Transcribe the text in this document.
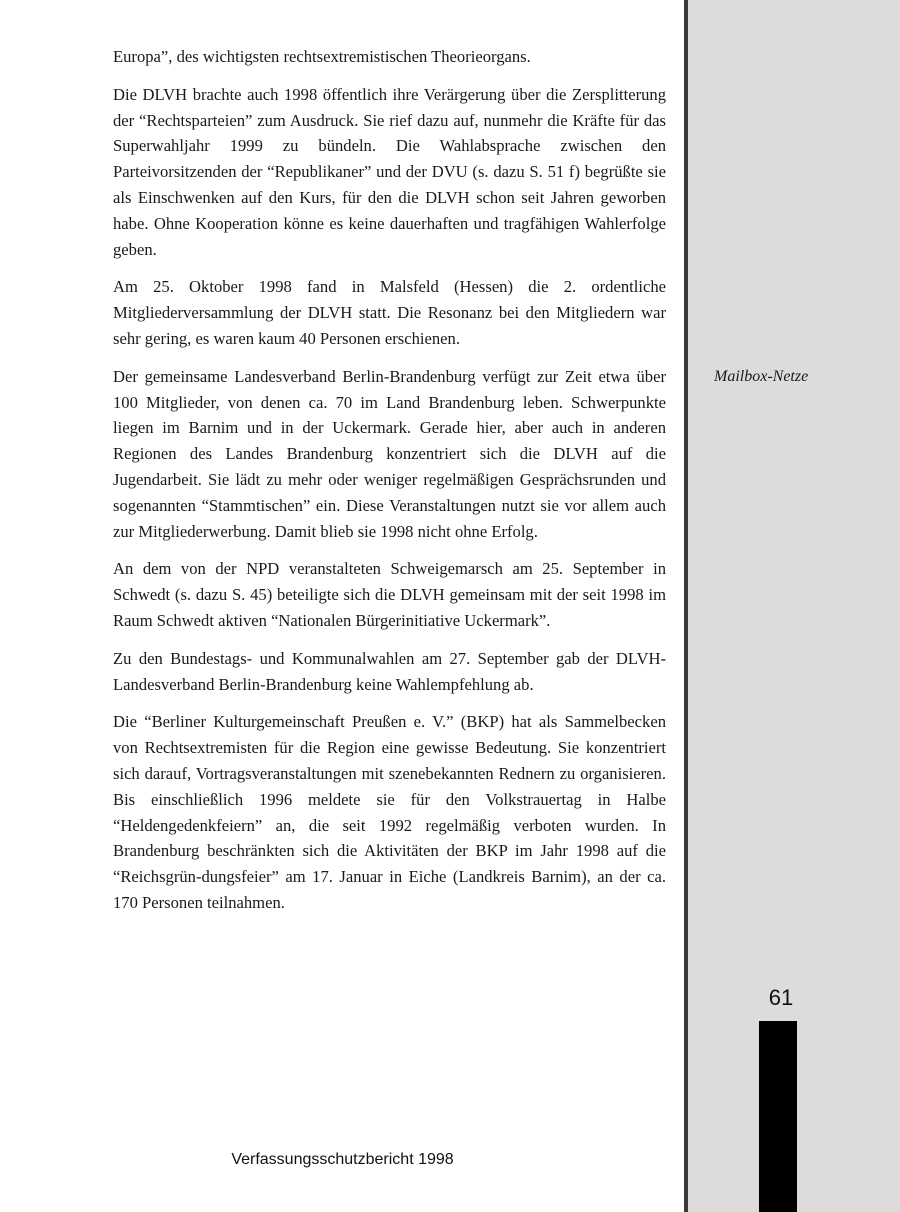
Europa”, des wichtigsten rechtsextremistischen Theorieorgans.

Die DLVH brachte auch 1998 öffentlich ihre Verärgerung über die Zersplitterung der “Rechtsparteien” zum Ausdruck. Sie rief dazu auf, nunmehr die Kräfte für das Superwahljahr 1999 zu bündeln. Die Wahlabsprache zwischen den Parteivorsitzenden der “Republikaner” und der DVU (s. dazu S. 51 f) begrüßte sie als Einschwenken auf den Kurs, für den die DLVH schon seit Jahren geworben habe. Ohne Kooperation könne es keine dauerhaften und tragfähigen Wahlerfolge geben.

Am 25. Oktober 1998 fand in Malsfeld (Hessen) die 2. ordentliche Mitgliederversammlung der DLVH statt. Die Resonanz bei den Mitgliedern war sehr gering, es waren kaum 40 Personen erschienen.

Der gemeinsame Landesverband Berlin-Brandenburg verfügt zur Zeit etwa über 100 Mitglieder, von denen ca. 70 im Land Brandenburg leben. Schwerpunkte liegen im Barnim und in der Uckermark. Gerade hier, aber auch in anderen Regionen des Landes Brandenburg konzentriert sich die DLVH auf die Jugendarbeit. Sie lädt zu mehr oder weniger regelmäßigen Gesprächsrunden und sogenannten “Stammtischen” ein. Diese Veranstaltungen nutzt sie vor allem auch zur Mitgliederwerbung. Damit blieb sie 1998 nicht ohne Erfolg.

An dem von der NPD veranstalteten Schweigemarsch am 25. September in Schwedt (s. dazu S. 45) beteiligte sich die DLVH gemeinsam mit der seit 1998 im Raum Schwedt aktiven “Nationalen Bürgerinitiative Uckermark”.

Zu den Bundestags- und Kommunalwahlen am 27. September gab der DLVH-Landesverband Berlin-Brandenburg keine Wahlempfehlung ab.

Die “Berliner Kulturgemeinschaft Preußen e. V.” (BKP) hat als Sammelbecken von Rechtsextremisten für die Region eine gewisse Bedeutung. Sie konzentriert sich darauf, Vortragsveranstaltungen mit szenebekannten Rednern zu organisieren. Bis einschließlich 1996 meldete sie für den Volkstrauertag in Halbe “Heldengedenkfeiern” an, die seit 1992 regelmäßig verboten wurden. In Brandenburg beschränkten sich die Aktivitäten der BKP im Jahr 1998 auf die “Reichsgrün-dungsfeier” am 17. Januar in Eiche (Landkreis Barnim), an der ca. 170 Personen teilnahmen.

Verfassungsschutzbericht 1998
Mailbox-Netze
61
